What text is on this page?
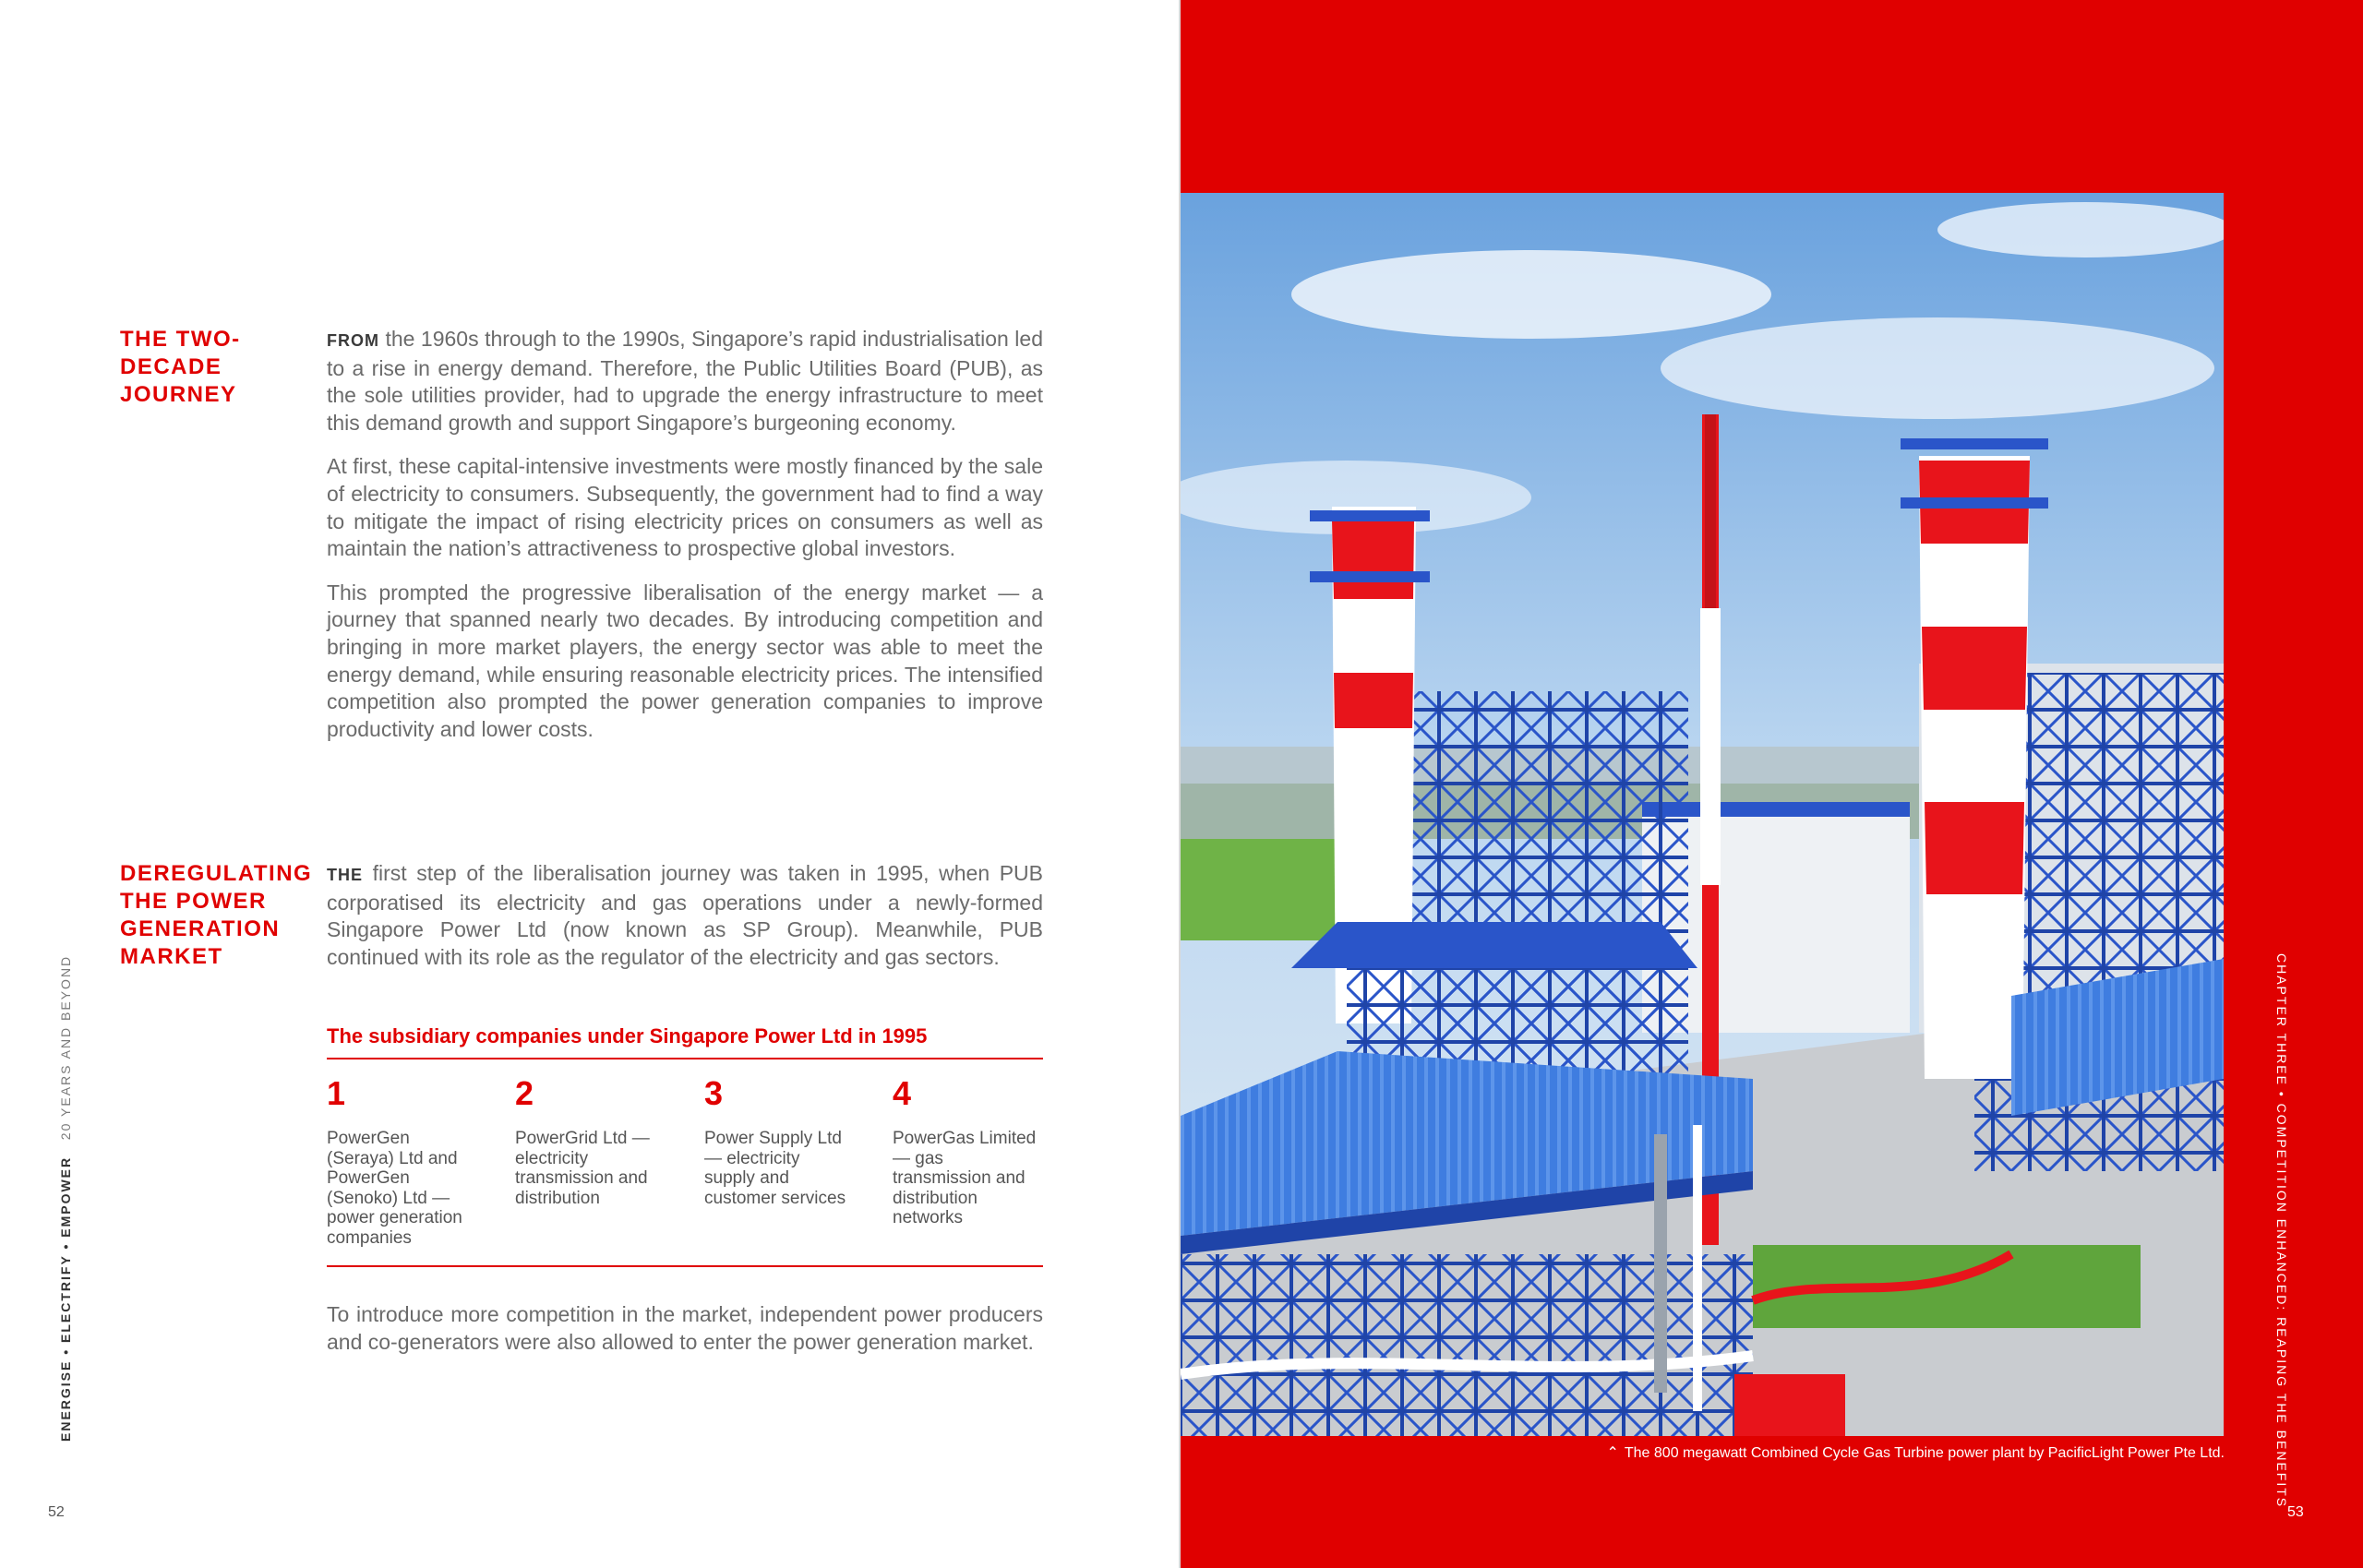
THE TWO-
DECADE
JOURNEY

FROM the 1960s through to the 1990s, Singapore’s rapid industrialisation led to a rise in energy demand. Therefore, the Public Utilities Board (PUB), as the sole utilities provider, had to upgrade the energy infrastructure to meet this demand growth and support Singapore’s burgeoning economy.

At first, these capital-intensive investments were mostly financed by the sale of electricity to consumers. Subsequently, the government had to find a way to mitigate the impact of rising electricity prices on consumers as well as maintain the nation’s attractiveness to prospective global investors.

This prompted the progressive liberalisation of the energy market — a journey that spanned nearly two decades. By introducing competition and bringing in more market players, the energy sector was able to meet the energy demand, while ensuring reasonable electricity prices. The intensified competition also prompted the power generation companies to improve productivity and lower costs.

DEREGULATING
THE POWER
GENERATION
MARKET

THE first step of the liberalisation journey was taken in 1995, when PUB corporatised its electricity and gas operations under a newly-formed Singapore Power Ltd (now known as SP Group). Meanwhile, PUB continued with its role as the regulator of the electricity and gas sectors.

The subsidiary companies under Singapore Power Ltd in 1995

1

PowerGen (Seraya) Ltd and PowerGen (Senoko) Ltd — power generation companies

2

PowerGrid Ltd — electricity transmission and distribution

3

Power Supply Ltd — electricity supply and customer services

4

PowerGas Limited — gas transmission and distribution networks

To introduce more competition in the market, independent power producers and co-generators were also allowed to enter the power generation market.

ENERGISE • ELECTRIFY • EMPOWER   20 YEARS AND BEYOND
52
⌃ The 800 megawatt Combined Cycle Gas Turbine power plant by PacificLight Power Pte Ltd.	CHAPTER THREE • COMPETITION ENHANCED: REAPING THE BENEFITS
53
